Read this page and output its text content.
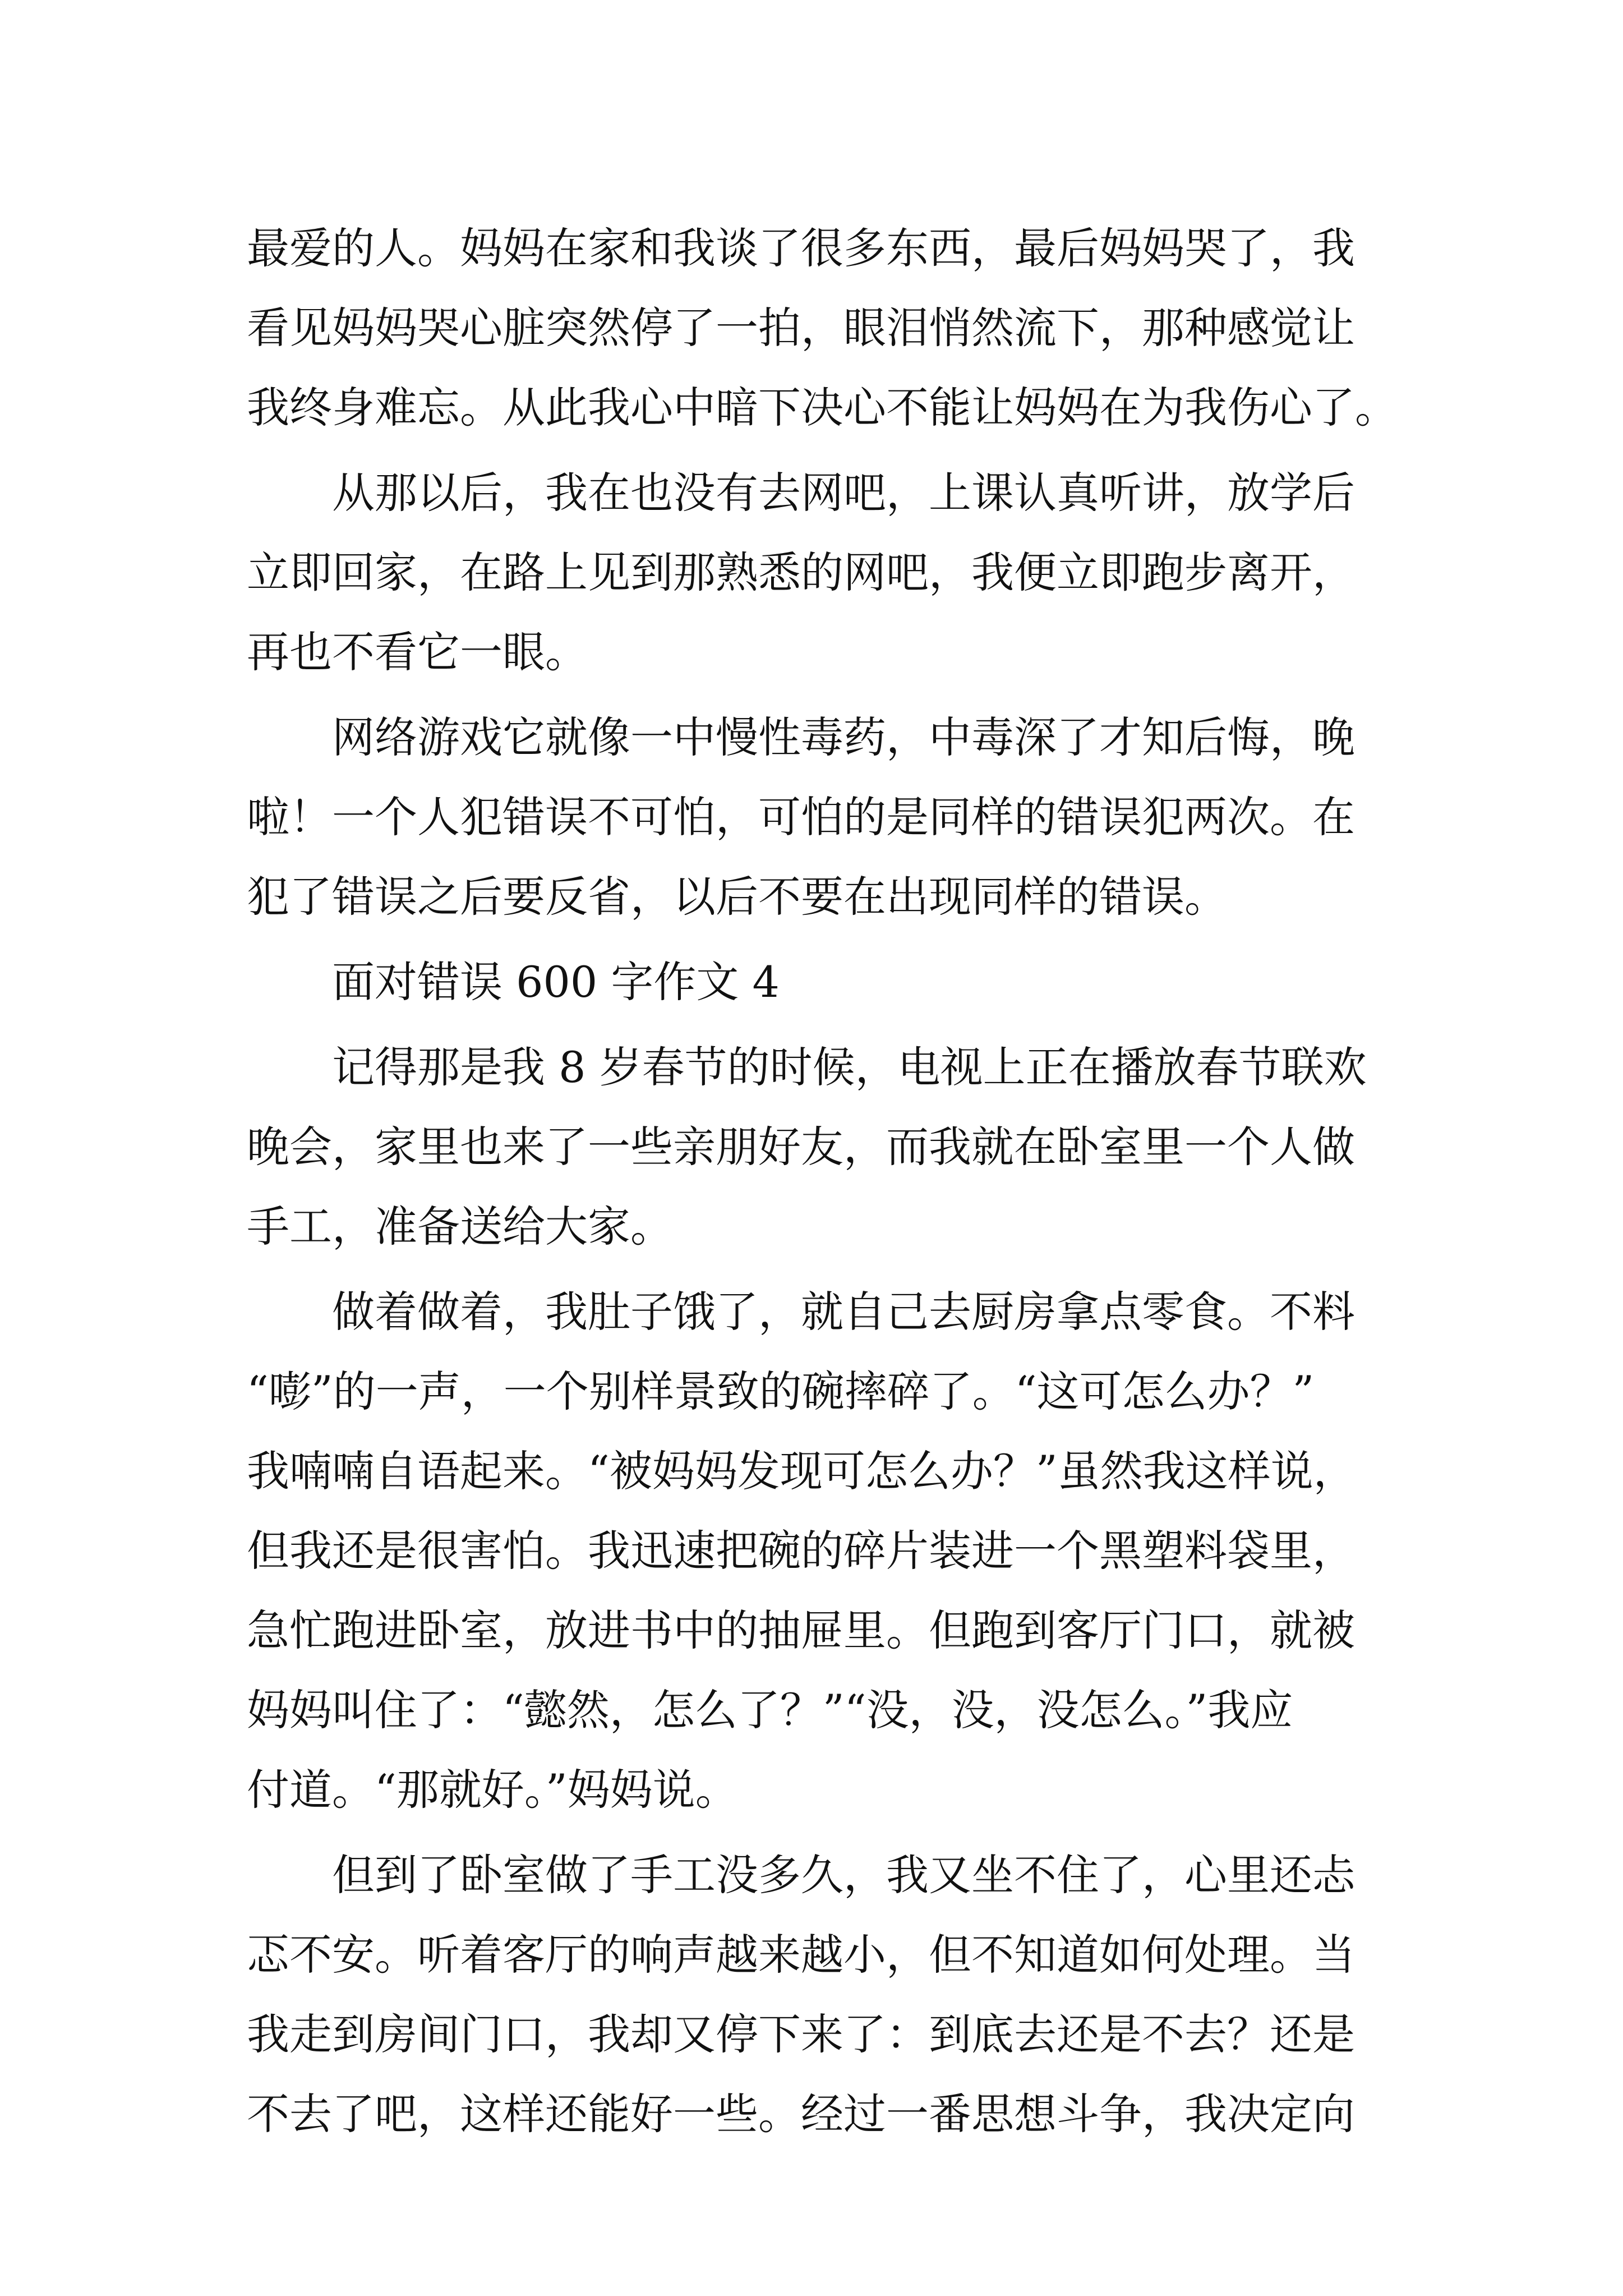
最爱的人。妈妈在家和我谈了很多东西，最后妈妈哭了，我
看见妈妈哭心脏突然停了一拍，眼泪悄然流下，那种感觉让
我终身难忘。从此我心中暗下决心不能让妈妈在为我伤心了。
从那以后，我在也没有去网吧，上课认真听讲，放学后
立即回家，在路上见到那熟悉的网吧，我便立即跑步离开，
再也不看它一眼。
网络游戏它就像一中慢性毒药，中毒深了才知后悔，晚
啦！一个人犯错误不可怕，可怕的是同样的错误犯两次。在
犯了错误之后要反省，以后不要在出现同样的错误。
面对错误 600 字作文 4
记得那是我 8 岁春节的时候，电视上正在播放春节联欢
晚会，家里也来了一些亲朋好友，而我就在卧室里一个人做
手工，准备送给大家。
做着做着，我肚子饿了，就自己去厨房拿点零食。不料
“嘭”的一声，一个别样景致的碗摔碎了。“这可怎么办？”
我喃喃自语起来。“被妈妈发现可怎么办？”虽然我这样说，
但我还是很害怕。我迅速把碗的碎片装进一个黑塑料袋里，
急忙跑进卧室，放进书中的抽屉里。但跑到客厅门口，就被
妈妈叫住了：“懿然，怎么了？”“没，没，没怎么。”我应
付道。“那就好。”妈妈说。
但到了卧室做了手工没多久，我又坐不住了，心里还忐
忑不安。听着客厅的响声越来越小，但不知道如何处理。当
我走到房间门口，我却又停下来了：到底去还是不去？还是
不去了吧，这样还能好一些。经过一番思想斗争，我决定向
